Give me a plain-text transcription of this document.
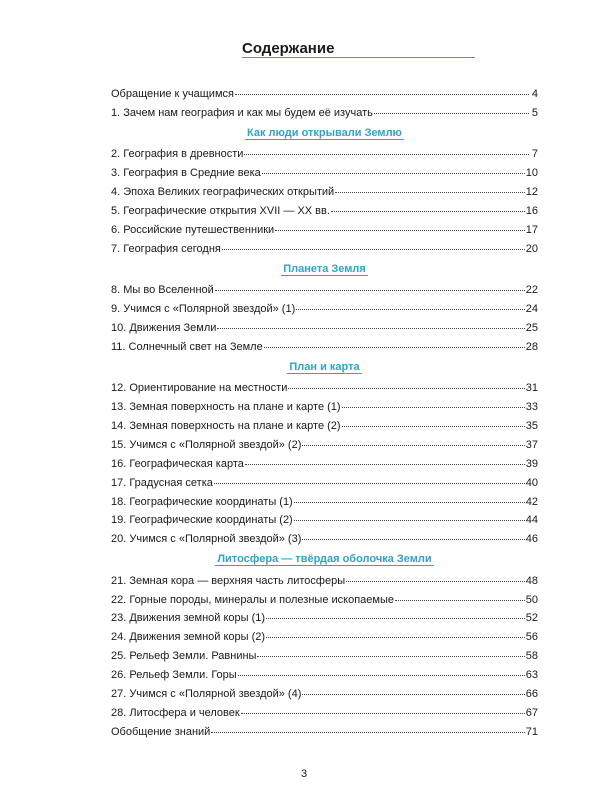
Содержание
Обращение к учащимся	4
1. Зачем нам география и как мы будем её изучать	5
Как люди открывали Землю
2. География в древности	7
3. География в Средние века	10
4. Эпоха Великих географических открытий	12
5. Географические открытия XVII — XX вв.	16
6. Российские путешественники	17
7. География сегодня	20
Планета Земля
8. Мы во Вселенной	22
9. Учимся с «Полярной звездой» (1)	24
10. Движения Земли	25
11. Солнечный свет на Земле	28
План и карта
12. Ориентирование на местности	31
13. Земная поверхность на плане и карте (1)	33
14. Земная поверхность на плане и карте (2)	35
15. Учимся с «Полярной звездой» (2)	37
16. Географическая карта	39
17. Градусная сетка	40
18. Географические координаты (1)	42
19. Географические координаты (2)	44
20. Учимся с «Полярной звездой» (3)	46
Литосфера — твёрдая оболочка Земли
21. Земная кора — верхняя часть литосферы	48
22. Горные породы, минералы и полезные ископаемые	50
23. Движения земной коры (1)	52
24. Движения земной коры (2)	56
25. Рельеф Земли. Равнины	58
26. Рельеф Земли. Горы	63
27. Учимся с «Полярной звездой» (4)	66
28. Литосфера и человек	67
Обобщение знаний	71
3
